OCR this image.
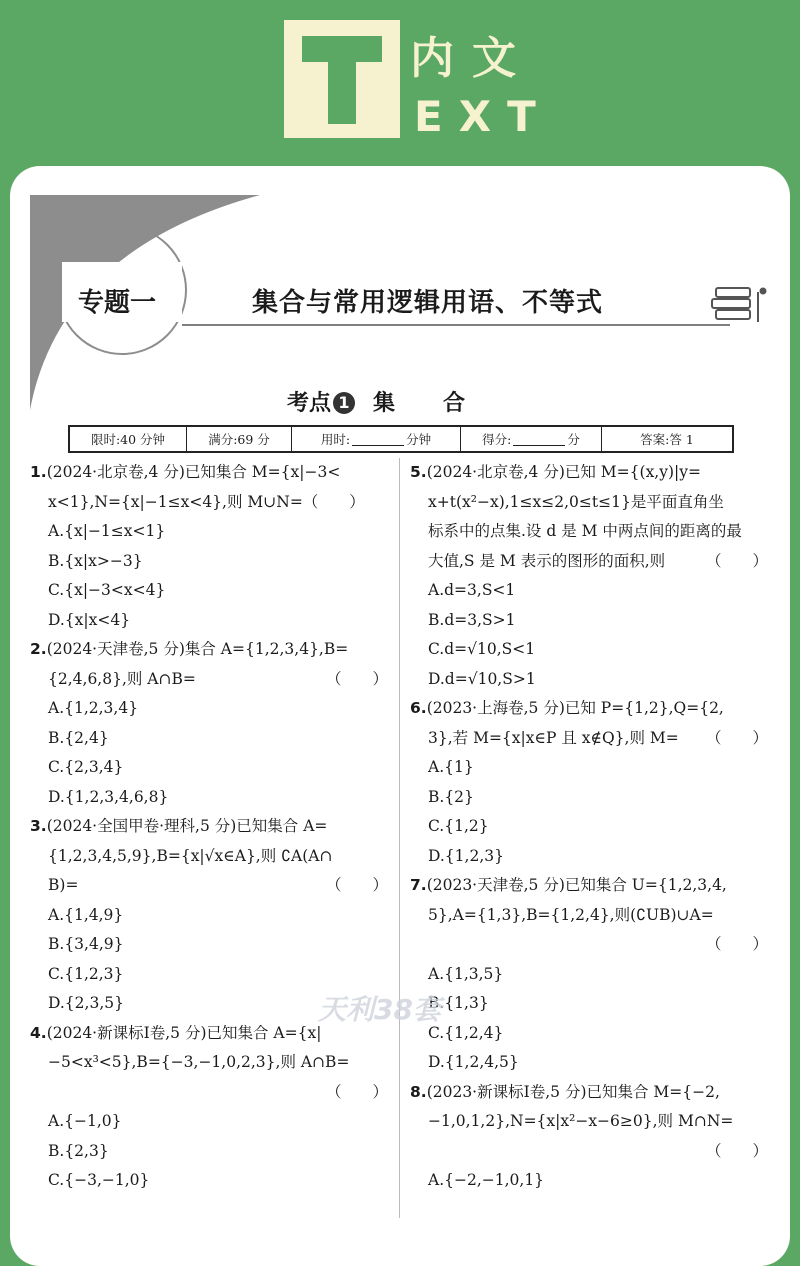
内文
EXT
专题一	集合与常用逻辑用语、不等式
考点 1 集合
限时:40 分钟	满分:69 分	用时:	分钟	得分:	分	答案:答 1
1.(2024·北京卷,4 分)已知集合 M={x|−3<
x<1},N={x|−1≤x<4},则 M∪N=（　　）
A.{x|−1≤x<1}
B.{x|x>−3}
C.{x|−3<x<4}
D.{x|x<4}
2.(2024·天津卷,5 分)集合 A={1,2,3,4},B=
{2,4,6,8},则 A∩B=	（　　）
A.{1,2,3,4}
B.{2,4}
C.{2,3,4}
D.{1,2,3,4,6,8}
3.(2024·全国甲卷·理科,5 分)已知集合 A=
{1,2,3,4,5,9},B={x|√x∈A},则 ∁A(A∩
B)=	（　　）
A.{1,4,9}
B.{3,4,9}
C.{1,2,3}
D.{2,3,5}
4.(2024·新课标Ⅰ卷,5 分)已知集合 A={x|
−5<x³<5},B={−3,−1,0,2,3},则 A∩B=
（　　）
A.{−1,0}
B.{2,3}
C.{−3,−1,0}
5.(2024·北京卷,4 分)已知 M={(x,y)|y=
x+t(x²−x),1≤x≤2,0≤t≤1}是平面直角坐
标系中的点集.设 d 是 M 中两点间的距离的最
大值,S 是 M 表示的图形的面积,则	（　　）
A.d=3,S<1
B.d=3,S>1
C.d=√10,S<1
D.d=√10,S>1
6.(2023·上海卷,5 分)已知 P={1,2},Q={2,
3},若 M={x|x∈P 且 x∉Q},则 M= （　　）
A.{1}
B.{2}
C.{1,2}
D.{1,2,3}
7.(2023·天津卷,5 分)已知集合 U={1,2,3,4,
5},A={1,3},B={1,2,4},则(∁UB)∪A=
（　　）
A.{1,3,5}
B.{1,3}
C.{1,2,4}
D.{1,2,4,5}
8.(2023·新课标Ⅰ卷,5 分)已知集合 M={−2,
−1,0,1,2},N={x|x²−x−6≥0},则 M∩N=
（　　）
A.{−2,−1,0,1}
天利38套
